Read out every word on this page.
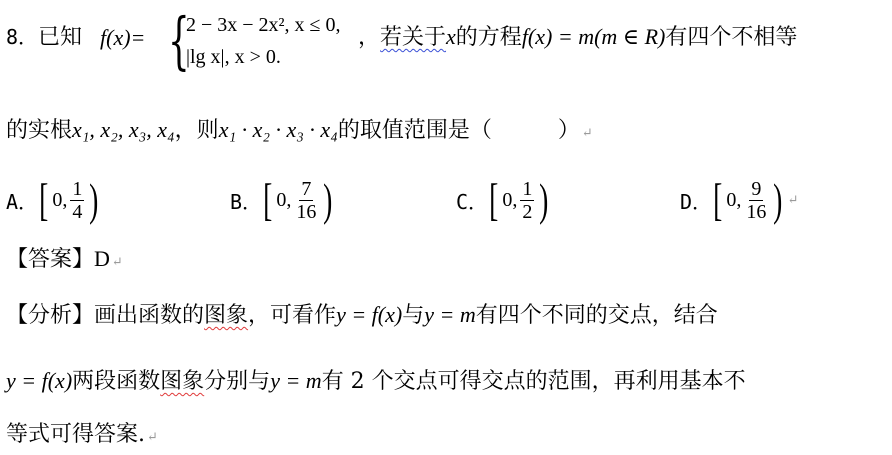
8．已知 f(x)= {
2 − 3x − 2x², x ≤ 0,
|lg x|, x > 0.
，若关于x的方程f(x) = m(m ∈ R)有四个不相等
的实根x₁, x₂, x₃, x₄，则x₁ · x₂ · x₃ · x₄的取值范围是（　　　） ↵
A． [ 0, $\frac{1}{4}$ )	B． [ 0, $\frac{7}{16}$ )	C． [ 0, $\frac{1}{2}$ )	D． [ 0, $\frac{9}{16}$ ) ↵
【答案】D ↵
【分析】画出函数的图象，可看作y = f(x)与y = m有四个不同的交点，结合
y = f(x)两段函数图象分别与y = m有 2 个交点可得交点的范围，再利用基本不
等式可得答案. ↵
